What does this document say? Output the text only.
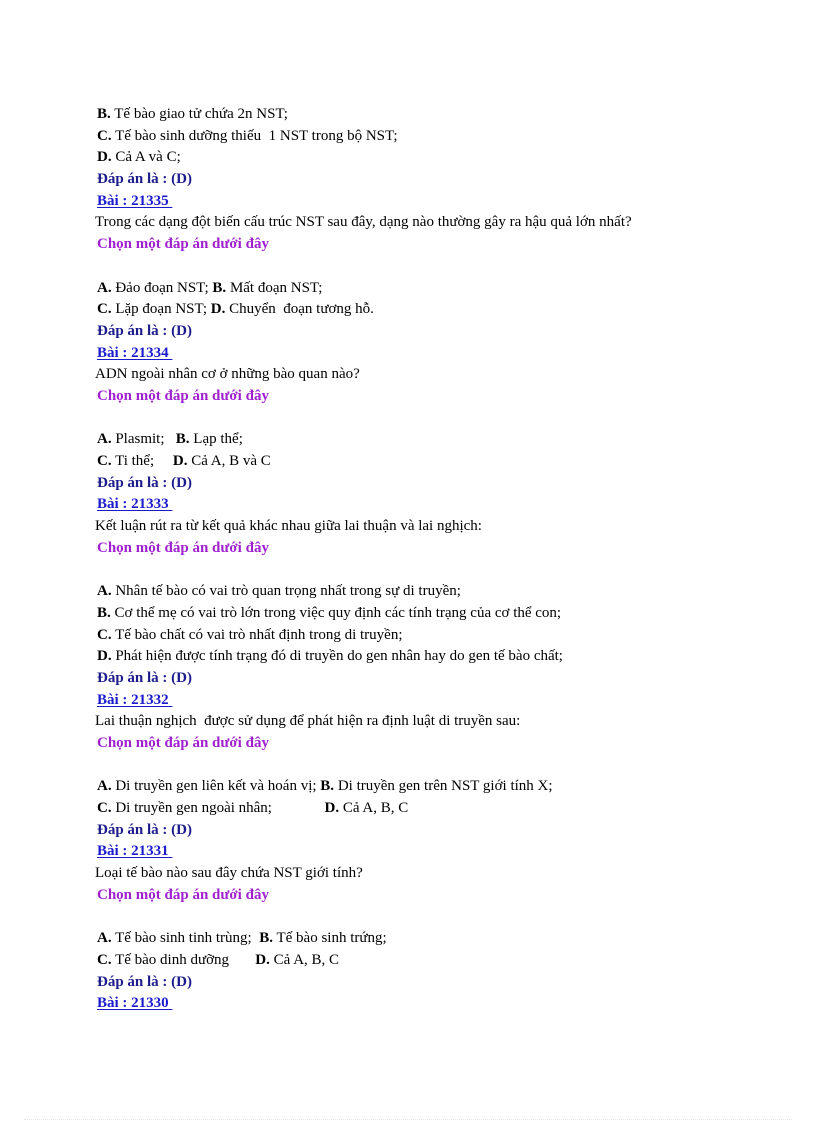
B. Tế bào giao tử chứa 2n NST;
C. Tế bào sinh dưỡng thiếu  1 NST trong bộ NST;
D. Cả A và C;
Đáp án là : (D)
Bài : 21335
Trong các dạng đột biến cấu trúc NST sau đây, dạng nào thường gây ra hậu quả lớn nhất?
Chọn một đáp án dưới đây
A. Đảo đoạn NST; B. Mất đoạn NST;
C. Lặp đoạn NST; D. Chuyển  đoạn tương hỗ.
Đáp án là : (D)
Bài : 21334
ADN ngoài nhân cơ ở những bào quan nào?
Chọn một đáp án dưới đây
A. Plasmit;   B. Lạp thể;
C. Ti thể;     D. Cả A, B và C
Đáp án là : (D)
Bài : 21333
Kết luận rút ra từ kết quả khác nhau giữa lai thuận và lai nghịch:
Chọn một đáp án dưới đây
A. Nhân tế bào có vai trò quan trọng nhất trong sự di truyền;
B. Cơ thể mẹ có vai trò lớn trong việc quy định các tính trạng của cơ thể con;
C. Tế bào chất có vai trò nhất định trong di truyền;
D. Phát hiện được tính trạng đó di truyền do gen nhân hay do gen tế bào chất;
Đáp án là : (D)
Bài : 21332
Lai thuận nghịch  được sử dụng để phát hiện ra định luật di truyền sau:
Chọn một đáp án dưới đây
A. Di truyền gen liên kết và hoán vị; B. Di truyền gen trên NST giới tính X;
C. Di truyền gen ngoài nhân;              D. Cả A, B, C
Đáp án là : (D)
Bài : 21331
Loại tế bào nào sau đây chứa NST giới tính?
Chọn một đáp án dưới đây
A. Tế bào sinh tinh trùng;  B. Tế bào sinh trứng;
C. Tế bào dinh dưỡng       D. Cả A, B, C
Đáp án là : (D)
Bài : 21330
